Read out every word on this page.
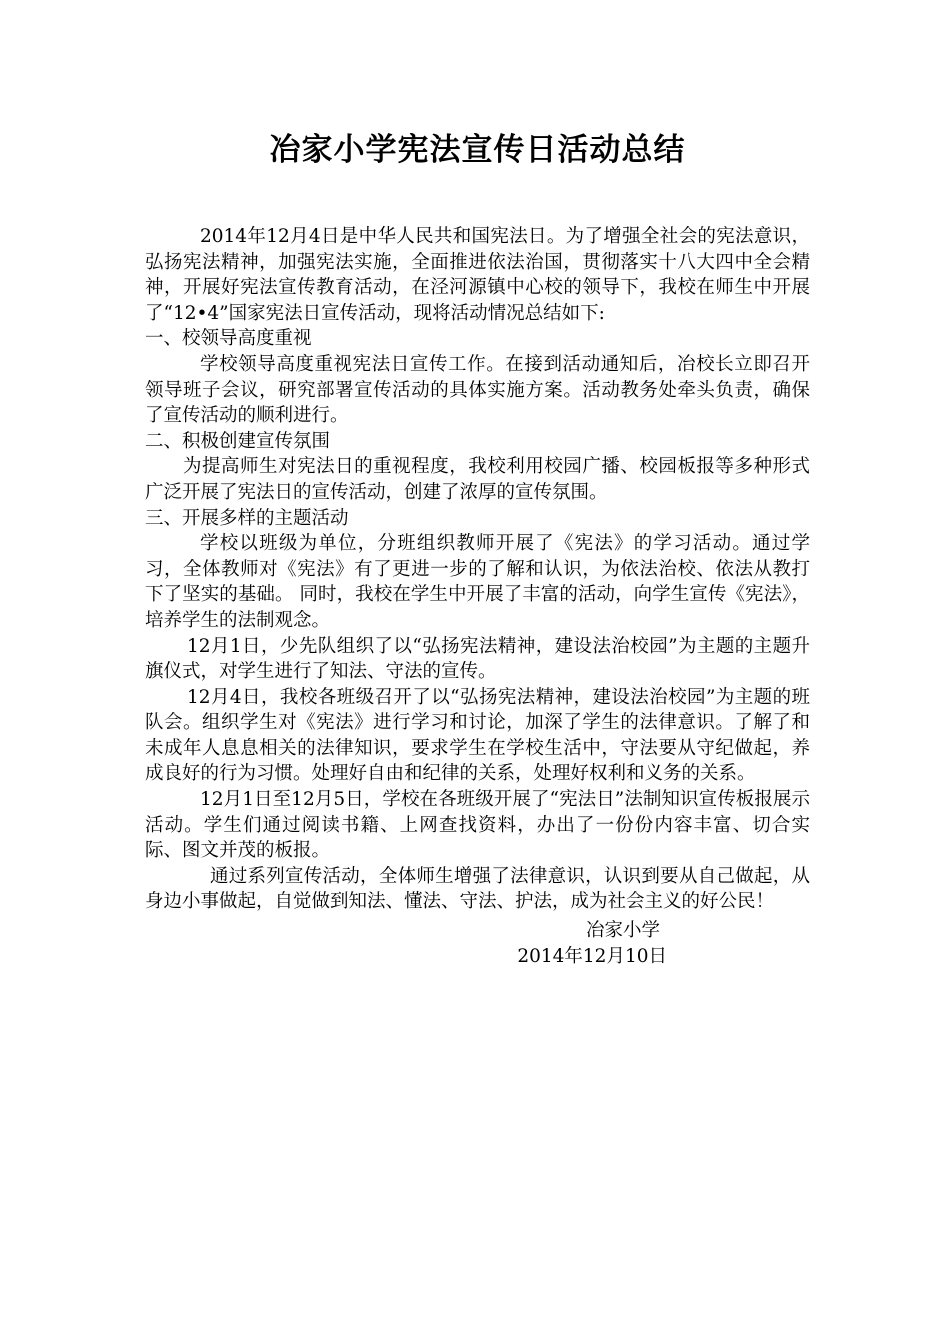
冶家小学宪法宣传日活动总结

2014年12月4日是中华人民共和国宪法日。为了增强全社会的宪法意识，弘扬宪法精神，加强宪法实施，全面推进依法治国，贯彻落实十八大四中全会精神，开展好宪法宣传教育活动，在泾河源镇中心校的领导下，我校在师生中开展了“12•4”国家宪法日宣传活动，现将活动情况总结如下:

一、校领导高度重视

学校领导高度重视宪法日宣传工作。在接到活动通知后，冶校长立即召开领导班子会议，研究部署宣传活动的具体实施方案。活动教务处牵头负责，确保了宣传活动的顺利进行。

二、积极创建宣传氛围

为提高师生对宪法日的重视程度，我校利用校园广播、校园板报等多种形式广泛开展了宪法日的宣传活动，创建了浓厚的宣传氛围。

三、开展多样的主题活动

学校以班级为单位，分班组织教师开展了《宪法》的学习活动。通过学习，全体教师对《宪法》有了更进一步的了解和认识，为依法治校、依法从教打下了坚实的基础。 同时，我校在学生中开展了丰富的活动，向学生宣传《宪法》，培养学生的法制观念。

12月1日，少先队组织了以“弘扬宪法精神，建设法治校园”为主题的主题升旗仪式，对学生进行了知法、守法的宣传。

12月4日，我校各班级召开了以“弘扬宪法精神，建设法治校园”为主题的班队会。组织学生对《宪法》进行学习和讨论，加深了学生的法律意识。了解了和未成年人息息相关的法律知识，要求学生在学校生活中，守法要从守纪做起，养成良好的行为习惯。处理好自由和纪律的关系，处理好权利和义务的关系。

12月1日至12月5日，学校在各班级开展了“宪法日”法制知识宣传板报展示活动。学生们通过阅读书籍、上网查找资料，办出了一份份内容丰富、切合实际、图文并茂的板报。

通过系列宣传活动，全体师生增强了法律意识，认识到要从自己做起，从身边小事做起，自觉做到知法、懂法、守法、护法，成为社会主义的好公民！

冶家小学

2014年12月10日
